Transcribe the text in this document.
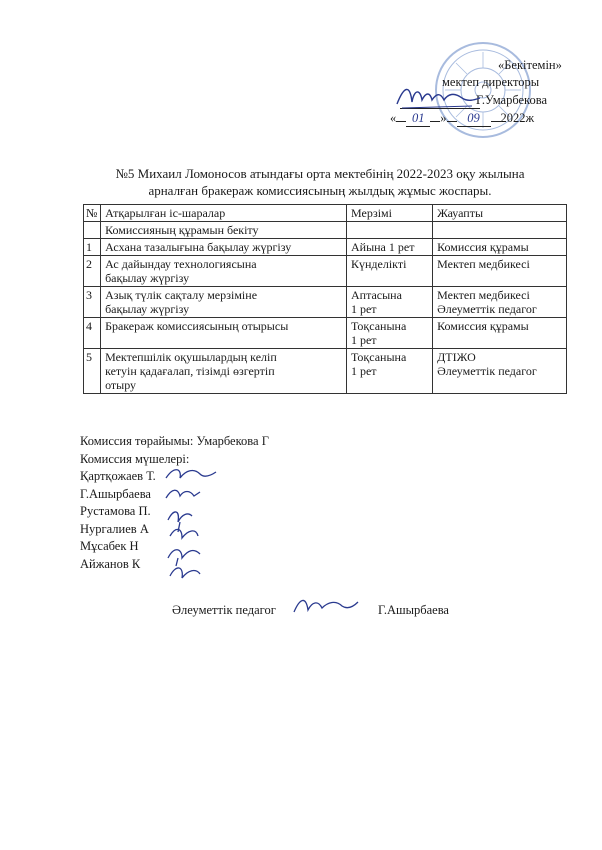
«Бекітемін»
мектеп директоры
Г.Умарбекова
« 01 » 09 2022ж
№5 Михаил Ломоносов атындағы орта мектебінің 2022-2023 оқу жылына
арналған бракераж комиссиясының жылдық жұмыс жоспары.
№	Атқарылған іс-шаралар	Мерзімі	Жауапты
	Комиссияның құрамын бекіту		
1	Асхана тазалығына бақылау жүргізу	Айына 1 рет	Комиссия құрамы
2	Ас дайындау технологиясына
бақылау жүргізу	Күнделікті	Мектеп медбикесі
3	Азық түлік сақталу мерзіміне
бақылау жүргізу	Аптасына
1 рет	Мектеп медбикесі
Әлеуметтік педагог
4	Бракераж комиссиясының отырысы	Тоқсанына
1 рет	Комиссия құрамы
5	Мектепшілік оқушылардың келіп
кетуін қадағалап, тізімді өзгертіп
отыру	Тоқсанына
1 рет	ДТІЖО
Әлеуметтік педагог
Комиссия төрайымы: Умарбекова Г
Комиссия мүшелері:
Қартқожаев Т.
Г.Ашырбаева
Рустамова П.
Нургалиев А
Мұсабек Н
Айжанов К
Әлеуметтік педагог	Г.Ашырбаева
